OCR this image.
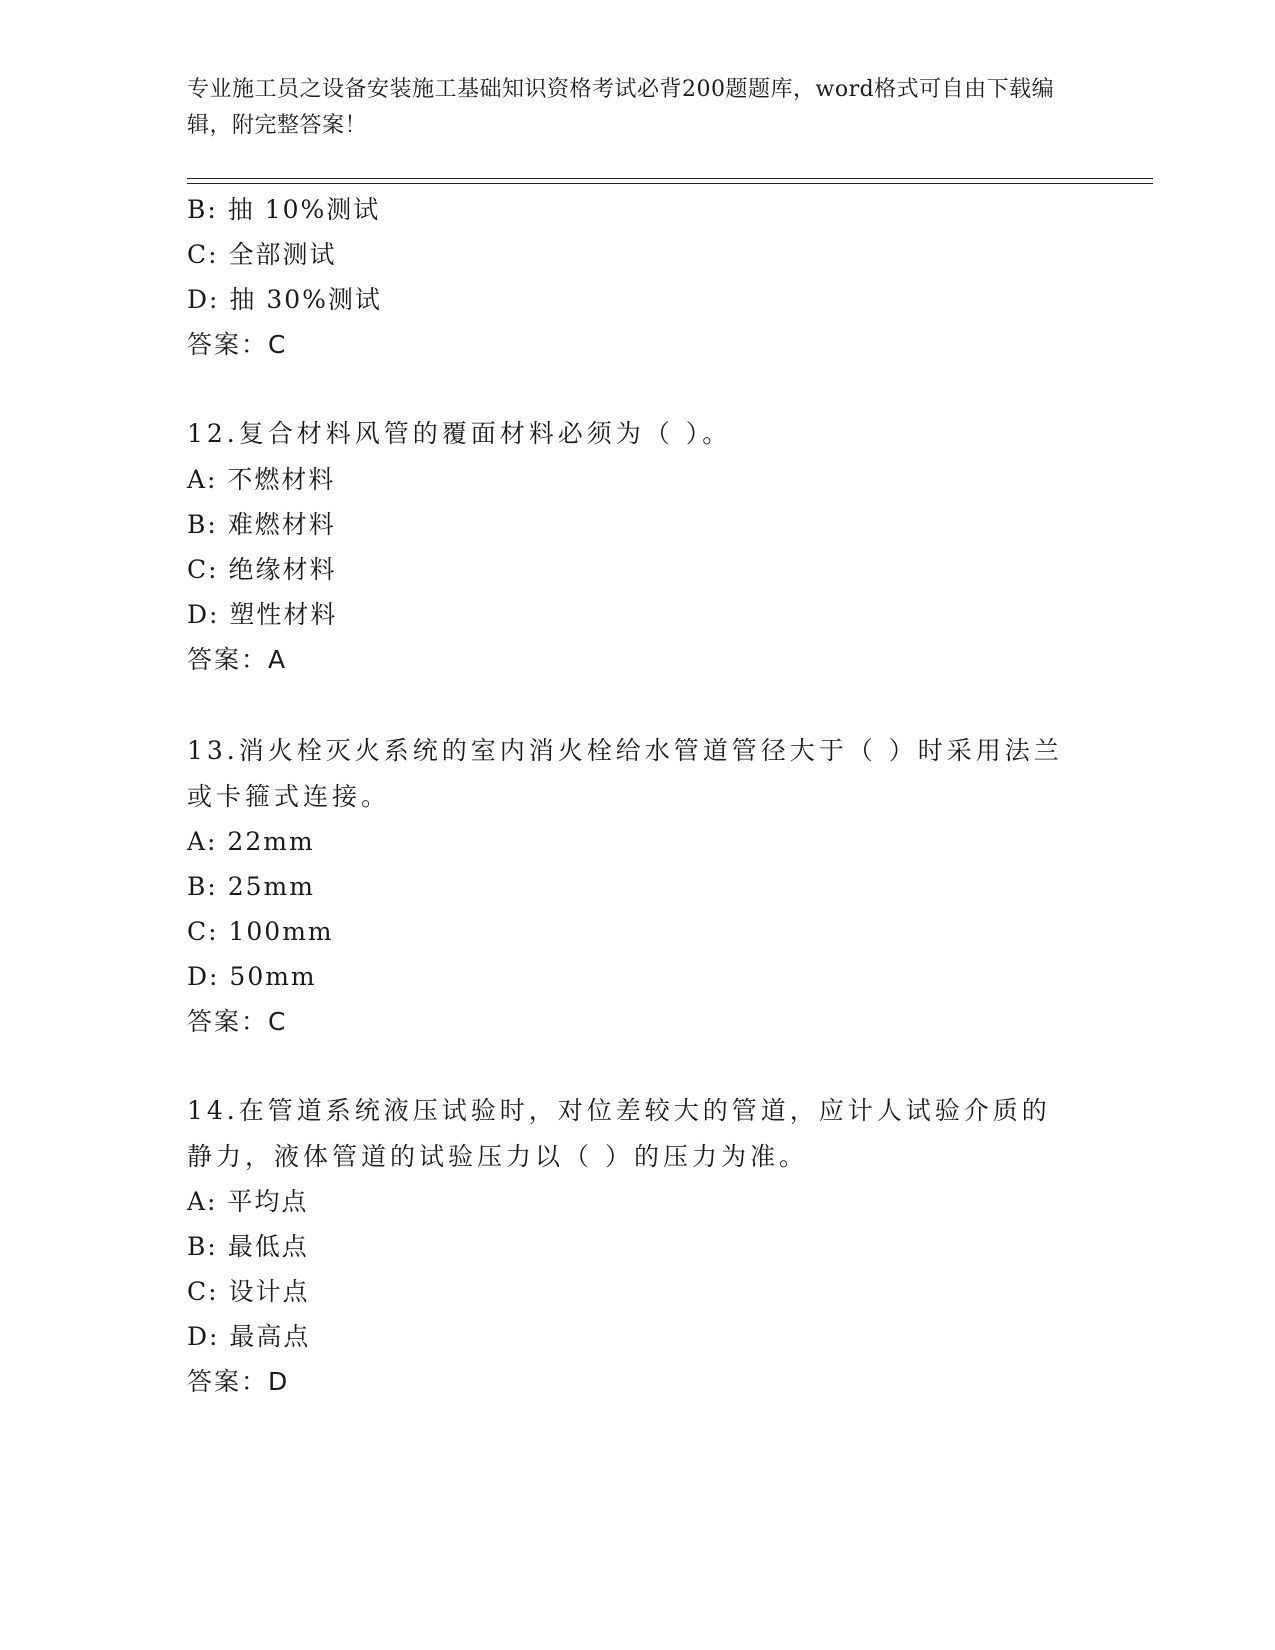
专业施工员之设备安装施工基础知识资格考试必背200题题库，word格式可自由下载编辑，附完整答案！
B: 抽 10%测试
C: 全部测试
D: 抽 30%测试
答案：C
12.复合材料风管的覆面材料必须为（ ）。
A: 不燃材料
B: 难燃材料
C: 绝缘材料
D: 塑性材料
答案：A
13.消火栓灭火系统的室内消火栓给水管道管径大于（ ）时采用法兰或卡箍式连接。
A: 22mm
B: 25mm
C: 100mm
D: 50mm
答案：C
14.在管道系统液压试验时，对位差较大的管道，应计人试验介质的静力，液体管道的试验压力以（ ）的压力为准。
A: 平均点
B: 最低点
C: 设计点
D: 最高点
答案：D
